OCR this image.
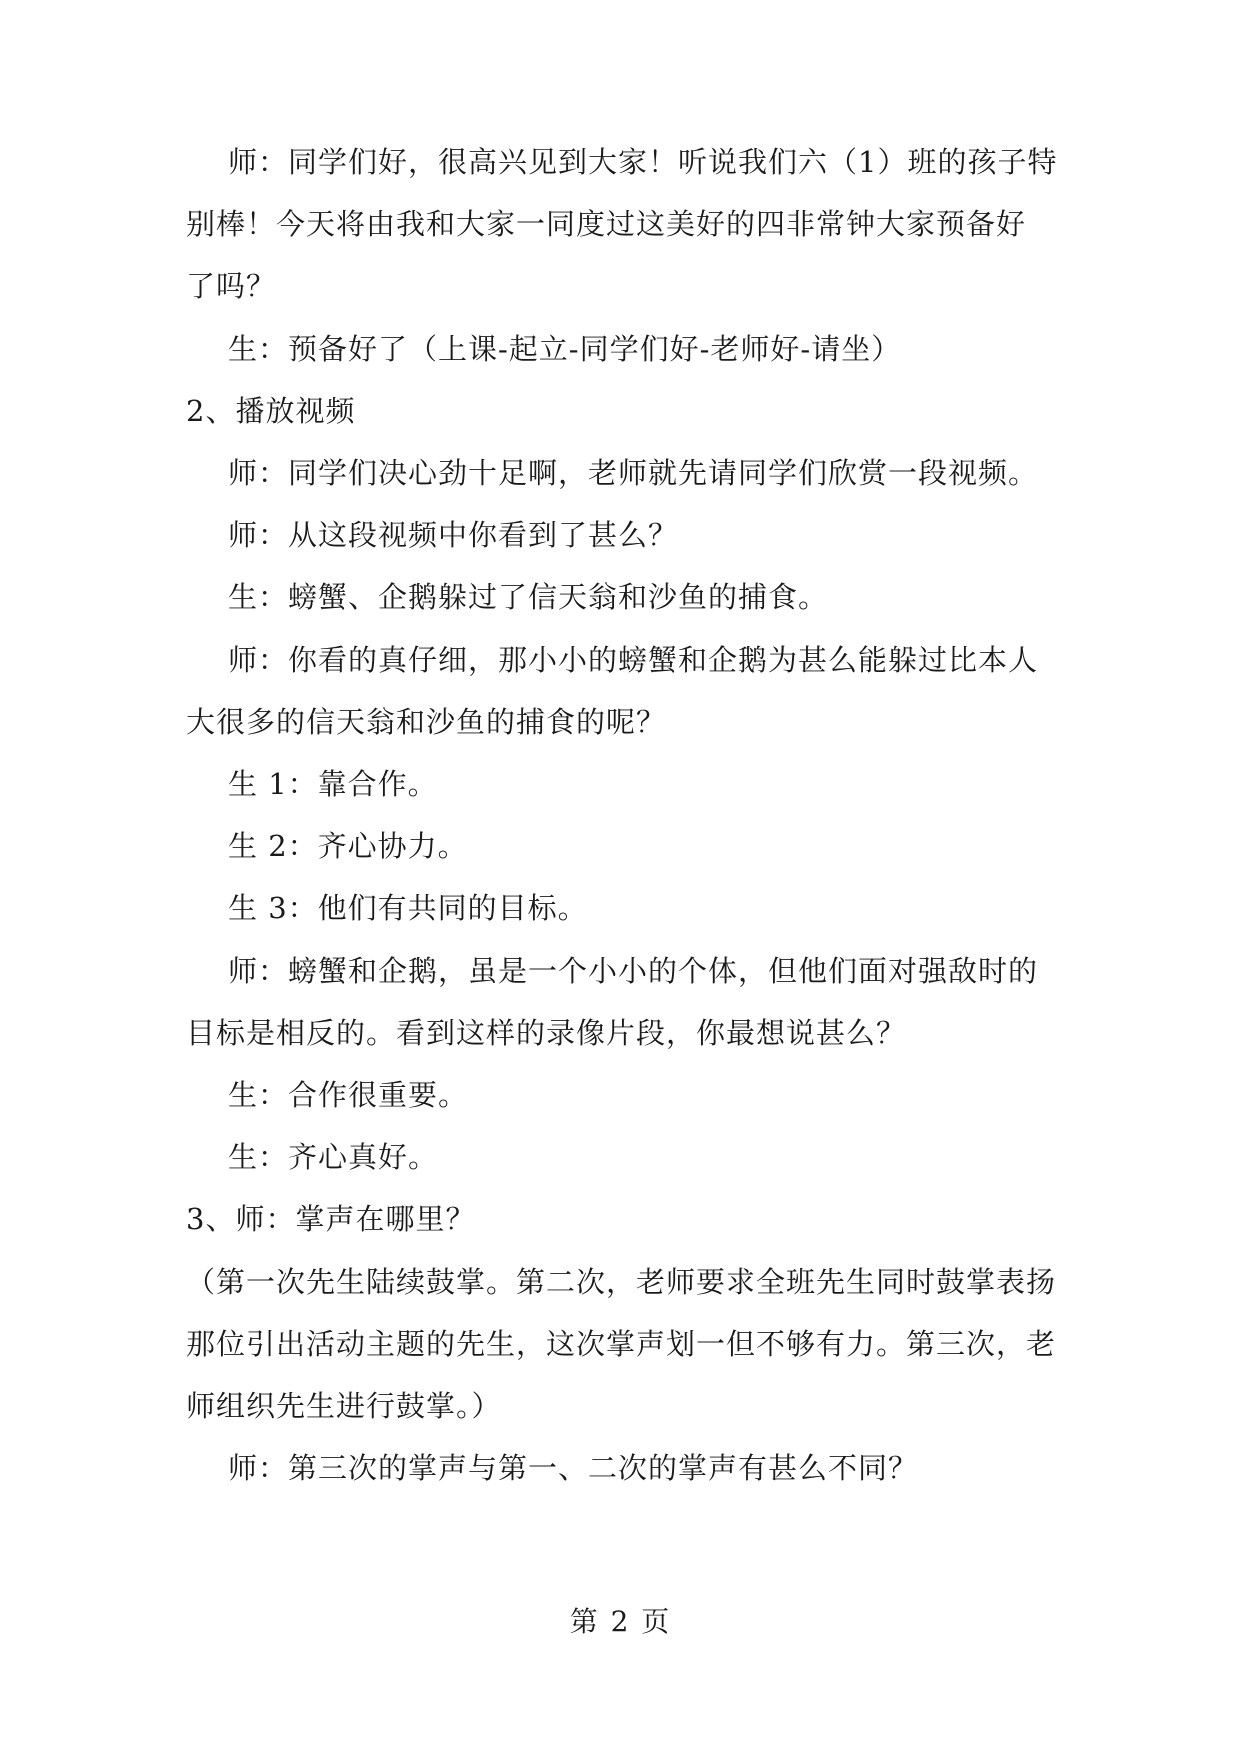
师：同学们好，很高兴见到大家！听说我们六（1）班的孩子特
别棒！今天将由我和大家一同度过这美好的四非常钟大家预备好
了吗？
生：预备好了（上课-起立-同学们好-老师好-请坐）
2、播放视频
师：同学们决心劲十足啊，老师就先请同学们欣赏一段视频。
师：从这段视频中你看到了甚么？
生：螃蟹、企鹅躲过了信天翁和沙鱼的捕食。
师：你看的真仔细，那小小的螃蟹和企鹅为甚么能躲过比本人
大很多的信天翁和沙鱼的捕食的呢？
生 1：靠合作。
生 2：齐心协力。
生 3：他们有共同的目标。
师：螃蟹和企鹅，虽是一个小小的个体，但他们面对强敌时的
目标是相反的。看到这样的录像片段，你最想说甚么？
生：合作很重要。
生：齐心真好。
3、师：掌声在哪里？
（第一次先生陆续鼓掌。第二次，老师要求全班先生同时鼓掌表扬
那位引出活动主题的先生，这次掌声划一但不够有力。第三次，老
师组织先生进行鼓掌。）
师：第三次的掌声与第一、二次的掌声有甚么不同？
第 2 页
